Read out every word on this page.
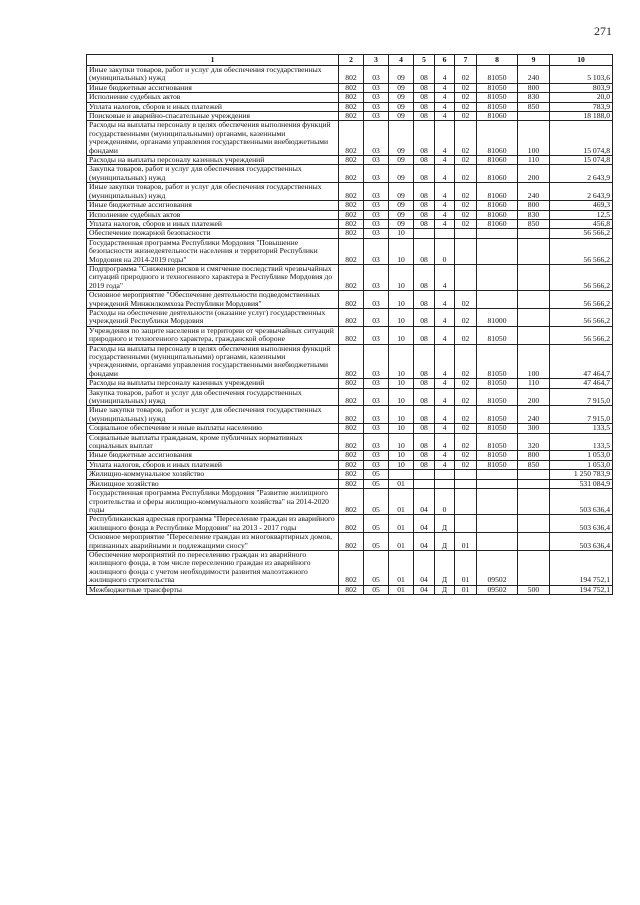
271
1	2	3	4	5	6	7	8	9	10
Иные закупки товаров, работ и услуг для обеспечения государственных (муниципальных) нужд	802	03	09	08	4	02	81050	240	5 103,6
Иные бюджетные ассигнования	802	03	09	08	4	02	81050	800	803,9
Исполнение судебных актов	802	03	09	08	4	02	81050	830	20,0
Уплата налогов, сборов и иных платежей	802	03	09	08	4	02	81050	850	783,9
Поисковые и аварийно-спасательные учреждения	802	03	09	08	4	02	81060		18 188,0
Расходы на выплаты персоналу в целях обеспечения выполнения функций государственными (муниципальными) органами, казенными учреждениями, органами управления государственными внебюджетными фондами	802	03	09	08	4	02	81060	100	15 074,8
Расходы на выплаты персоналу казенных учреждений	802	03	09	08	4	02	81060	110	15 074,8
Закупка товаров, работ и услуг для обеспечения государственных (муниципальных) нужд	802	03	09	08	4	02	81060	200	2 643,9
Иные закупки товаров, работ и услуг для обеспечения государственных (муниципальных) нужд	802	03	09	08	4	02	81060	240	2 643,9
Иные бюджетные ассигнования	802	03	09	08	4	02	81060	800	469,3
Исполнение судебных актов	802	03	09	08	4	02	81060	830	12,5
Уплата налогов, сборов и иных платежей	802	03	09	08	4	02	81060	850	456,8
Обеспечение пожарной безопасности	802	03	10						56 566,2
Государственная программа Республики Мордовия "Повышение безопасности жизнедеятельности населения и территорий Республики Мордовия на 2014-2019 годы"	802	03	10	08	0				56 566,2
Подпрограмма "Снижение рисков и смягчение последствий чрезвычайных ситуаций природного и техногенного характера в Республике Мордовия до 2019 года"	802	03	10	08	4				56 566,2
Основное мероприятие "Обеспечение деятельности подведомственных учреждений Минжилкомхоза Республики Мордовия"	802	03	10	08	4	02			56 566,2
Расходы на обеспечение деятельности (оказание услуг) государственных учреждений Республики Мордовия	802	03	10	08	4	02	81000		56 566,2
Учреждения по защите населения и территории от чрезвычайных ситуаций природного и техногенного характера, гражданской обороне	802	03	10	08	4	02	81050		56 566,2
Расходы на выплаты персоналу в целях обеспечения выполнения функций государственными (муниципальными) органами, казенными учреждениями, органами управления государственными внебюджетными фондами	802	03	10	08	4	02	81050	100	47 464,7
Расходы на выплаты персоналу казенных учреждений	802	03	10	08	4	02	81050	110	47 464,7
Закупка товаров, работ и услуг для обеспечения государственных (муниципальных) нужд	802	03	10	08	4	02	81050	200	7 915,0
Иные закупки товаров, работ и услуг для обеспечения государственных (муниципальных) нужд	802	03	10	08	4	02	81050	240	7 915,0
Социальное обеспечение и иные выплаты населению	802	03	10	08	4	02	81050	300	133,5
Социальные выплаты гражданам, кроме публичных нормативных социальных выплат	802	03	10	08	4	02	81050	320	133,5
Иные бюджетные ассигнования	802	03	10	08	4	02	81050	800	1 053,0
Уплата налогов, сборов и иных платежей	802	03	10	08	4	02	81050	850	1 053,0
Жилищно-коммунальное хозяйство	802	05							1 250 783,9
Жилищное хозяйство	802	05	01						531 084,9
Государственная программа Республики Мордовия "Развитие жилищного строительства и сферы жилищно-коммунального хозяйства" на 2014-2020 годы	802	05	01	04	0				503 636,4
Республиканская адресная программа "Переселение граждан из аварийного жилищного фонда в Республике Мордовия" на 2013 - 2017 годы	802	05	01	04	Д				503 636,4
Основное мероприятие "Переселение граждан из многоквартирных домов, признанных аварийными и подлежащими сносу"	802	05	01	04	Д	01			503 636,4
Обеспечение мероприятий по переселению граждан из аварийного жилищного фонда, в том числе переселению граждан из аварийного жилищного фонда с учетом необходимости развития малоэтажного жилищного строительства	802	05	01	04	Д	01	09502		194 752,1
Межбюджетные трансферты	802	05	01	04	Д	01	09502	500	194 752,1
